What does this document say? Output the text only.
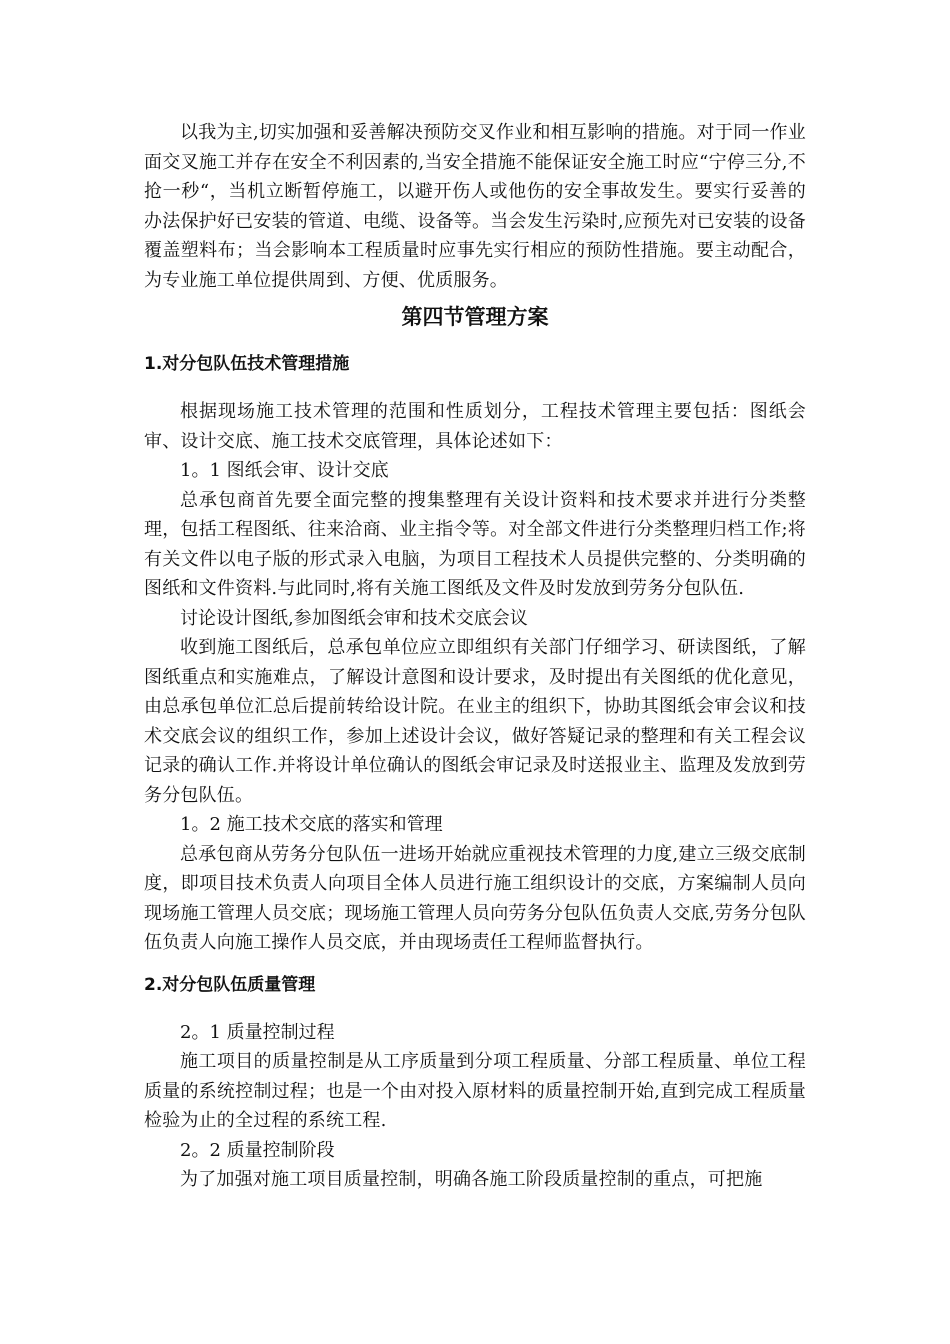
以我为主,切实加强和妥善解决预防交叉作业和相互影响的措施。对于同一作业面交叉施工并存在安全不利因素的,当安全措施不能保证安全施工时应“宁停三分,不抢一秒“，当机立断暂停施工，以避开伤人或他伤的安全事故发生。要实行妥善的办法保护好已安装的管道、电缆、设备等。当会发生污染时,应预先对已安装的设备覆盖塑料布；当会影响本工程质量时应事先实行相应的预防性措施。要主动配合，为专业施工单位提供周到、方便、优质服务。

第四节管理方案
1.对分包队伍技术管理措施

根据现场施工技术管理的范围和性质划分，工程技术管理主要包括：图纸会审、设计交底、施工技术交底管理，具体论述如下：

1。1 图纸会审、设计交底

总承包商首先要全面完整的搜集整理有关设计资料和技术要求并进行分类整理，包括工程图纸、往来洽商、业主指令等。对全部文件进行分类整理归档工作;将有关文件以电子版的形式录入电脑，为项目工程技术人员提供完整的、分类明确的图纸和文件资料.与此同时,将有关施工图纸及文件及时发放到劳务分包队伍.

讨论设计图纸,参加图纸会审和技术交底会议

收到施工图纸后，总承包单位应立即组织有关部门仔细学习、研读图纸，了解图纸重点和实施难点，了解设计意图和设计要求，及时提出有关图纸的优化意见，由总承包单位汇总后提前转给设计院。在业主的组织下，协助其图纸会审会议和技术交底会议的组织工作，参加上述设计会议，做好答疑记录的整理和有关工程会议记录的确认工作.并将设计单位确认的图纸会审记录及时送报业主、监理及发放到劳务分包队伍。

1。2 施工技术交底的落实和管理

总承包商从劳务分包队伍一进场开始就应重视技术管理的力度,建立三级交底制度，即项目技术负责人向项目全体人员进行施工组织设计的交底，方案编制人员向现场施工管理人员交底；现场施工管理人员向劳务分包队伍负责人交底,劳务分包队伍负责人向施工操作人员交底，并由现场责任工程师监督执行。

2.对分包队伍质量管理

2。1 质量控制过程

施工项目的质量控制是从工序质量到分项工程质量、分部工程质量、单位工程质量的系统控制过程；也是一个由对投入原材料的质量控制开始,直到完成工程质量检验为止的全过程的系统工程.

2。2 质量控制阶段

为了加强对施工项目质量控制，明确各施工阶段质量控制的重点，可把施
